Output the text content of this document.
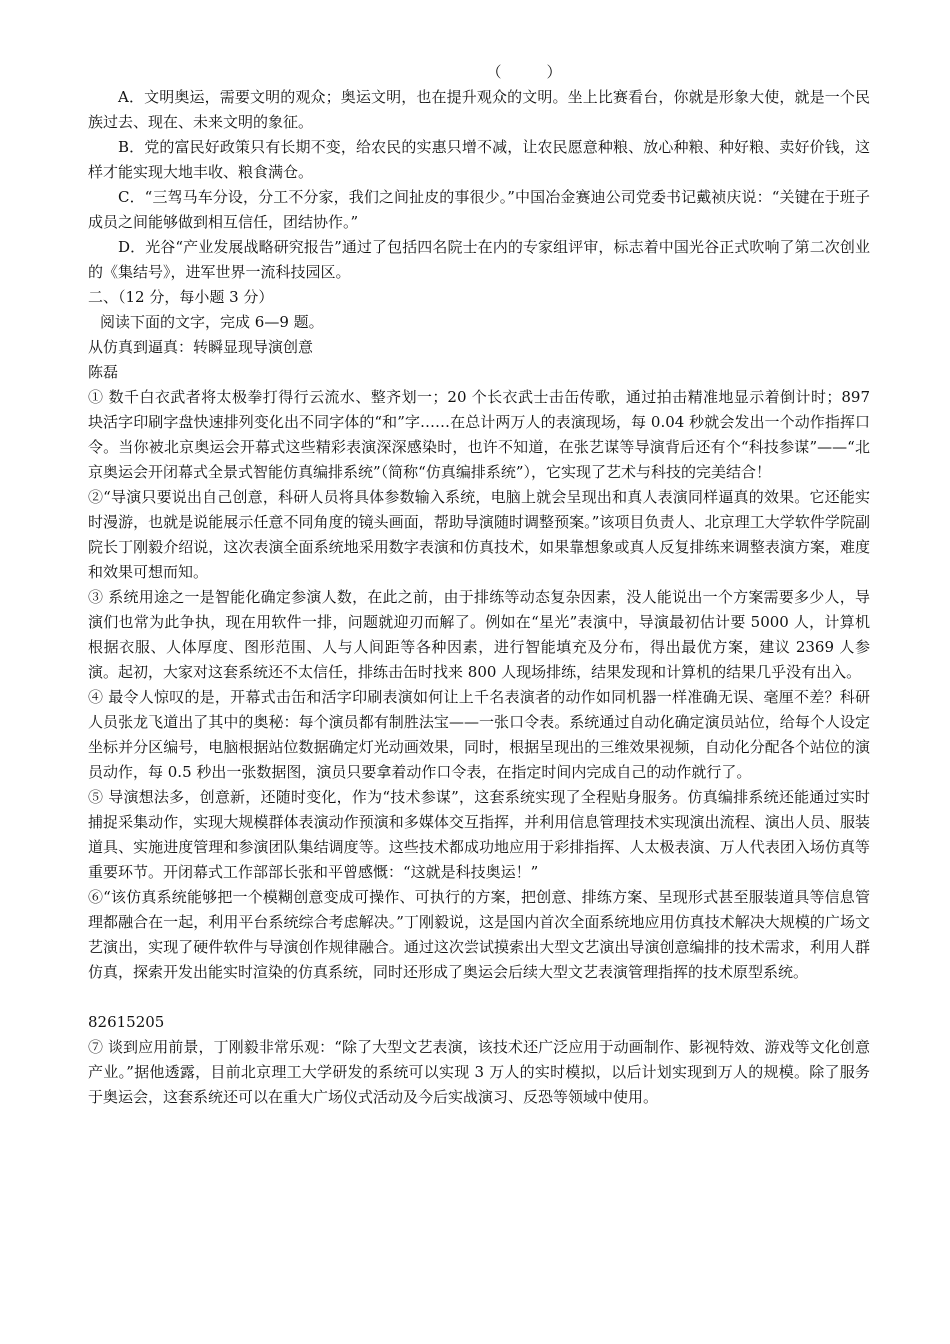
（　　　）

A．文明奥运，需要文明的观众；奥运文明，也在提升观众的文明。坐上比赛看台，你就是形象大使，就是一个民族过去、现在、未来文明的象征。

B．党的富民好政策只有长期不变，给农民的实惠只增不减，让农民愿意种粮、放心种粮、种好粮、卖好价钱，这样才能实现大地丰收、粮食满仓。

C．“三驾马车分设，分工不分家，我们之间扯皮的事很少。”中国冶金赛迪公司党委书记戴祯庆说：“关键在于班子成员之间能够做到相互信任，团结协作。”

D．光谷“产业发展战略研究报告”通过了包括四名院士在内的专家组评审，标志着中国光谷正式吹响了第二次创业的《集结号》，进军世界一流科技园区。

二、（12 分，每小题 3 分）

阅读下面的文字，完成 6—9 题。

从仿真到逼真：转瞬显现导演创意

陈磊

① 数千白衣武者将太极拳打得行云流水、整齐划一；20 个长衣武士击缶传歌，通过拍击精准地显示着倒计时；897 块活字印刷字盘快速排列变化出不同字体的“和”字……在总计两万人的表演现场，每 0.04 秒就会发出一个动作指挥口令。当你被北京奥运会开幕式这些精彩表演深深感染时，也许不知道，在张艺谋等导演背后还有个“科技参谋”——“北京奥运会开闭幕式全景式智能仿真编排系统”（简称“仿真编排系统”），它实现了艺术与科技的完美结合！

②“导演只要说出自己创意，科研人员将具体参数输入系统，电脑上就会呈现出和真人表演同样逼真的效果。它还能实时漫游，也就是说能展示任意不同角度的镜头画面，帮助导演随时调整预案。”该项目负责人、北京理工大学软件学院副院长丁刚毅介绍说，这次表演全面系统地采用数字表演和仿真技术，如果靠想象或真人反复排练来调整表演方案，难度和效果可想而知。

③ 系统用途之一是智能化确定参演人数，在此之前，由于排练等动态复杂因素，没人能说出一个方案需要多少人，导演们也常为此争执，现在用软件一排，问题就迎刃而解了。例如在“星光”表演中，导演最初估计要 5000 人，计算机根据衣服、人体厚度、图形范围、人与人间距等各种因素，进行智能填充及分布，得出最优方案，建议 2369 人参演。起初，大家对这套系统还不太信任，排练击缶时找来 800 人现场排练，结果发现和计算机的结果几乎没有出入。

④ 最令人惊叹的是，开幕式击缶和活字印刷表演如何让上千名表演者的动作如同机器一样准确无误、毫厘不差？科研人员张龙飞道出了其中的奥秘：每个演员都有制胜法宝——一张口令表。系统通过自动化确定演员站位，给每个人设定坐标并分区编号，电脑根据站位数据确定灯光动画效果，同时，根据呈现出的三维效果视频，自动化分配各个站位的演员动作，每 0.5 秒出一张数据图，演员只要拿着动作口令表，在指定时间内完成自己的动作就行了。

⑤ 导演想法多，创意新，还随时变化，作为“技术参谋”，这套系统实现了全程贴身服务。仿真编排系统还能通过实时捕捉采集动作，实现大规模群体表演动作预演和多媒体交互指挥，并利用信息管理技术实现演出流程、演出人员、服装道具、实施进度管理和参演团队集结调度等。这些技术都成功地应用于彩排指挥、人太极表演、万人代表团入场仿真等重要环节。开闭幕式工作部部长张和平曾感慨：“这就是科技奥运！”

⑥“该仿真系统能够把一个模糊创意变成可操作、可执行的方案，把创意、排练方案、呈现形式甚至服装道具等信息管理都融合在一起，利用平台系统综合考虑解决。”丁刚毅说，这是国内首次全面系统地应用仿真技术解决大规模的广场文艺演出，实现了硬件软件与导演创作规律融合。通过这次尝试摸索出大型文艺演出导演创意编排的技术需求，利用人群仿真，探索开发出能实时渲染的仿真系统，同时还形成了奥运会后续大型文艺表演管理指挥的技术原型系统。

82615205

⑦ 谈到应用前景，丁刚毅非常乐观：“除了大型文艺表演，该技术还广泛应用于动画制作、影视特效、游戏等文化创意产业。”据他透露，目前北京理工大学研发的系统可以实现 3 万人的实时模拟，以后计划实现到万人的规模。除了服务于奥运会，这套系统还可以在重大广场仪式活动及今后实战演习、反恐等领域中使用。
